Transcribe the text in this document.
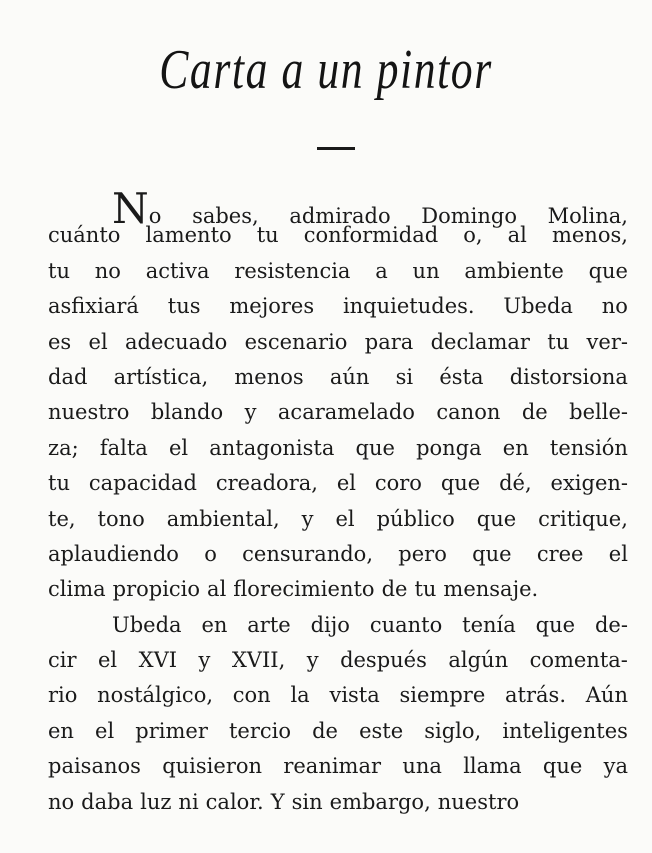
Carta a un pintor
No sabes, admirado Domingo Molina,
cuánto lamento tu conformidad o, al menos,
tu no activa resistencia a un ambiente que
asfixiará tus mejores inquietudes. Ubeda no
es el adecuado escenario para declamar tu ver-
dad artística, menos aún si ésta distorsiona
nuestro blando y acaramelado canon de belle-
za; falta el antagonista que ponga en tensión
tu capacidad creadora, el coro que dé, exigen-
te, tono ambiental, y el público que critique,
aplaudiendo o censurando, pero que cree el
clima propicio al florecimiento de tu mensaje.
Ubeda en arte dijo cuanto tenía que de-
cir el XVI y XVII, y después algún comenta-
rio nostálgico, con la vista siempre atrás. Aún
en el primer tercio de este siglo, inteligentes
paisanos quisieron reanimar una llama que ya
no daba luz ni calor. Y sin embargo, nuestro
